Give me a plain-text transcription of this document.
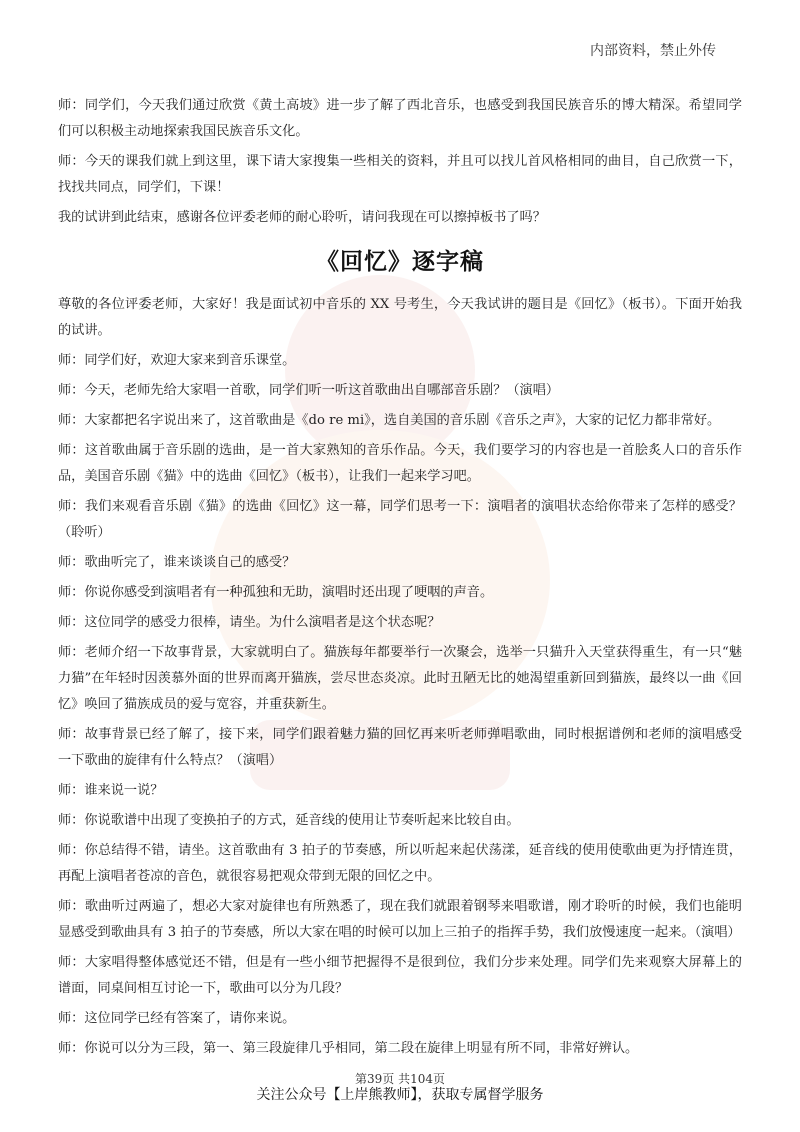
内部资料，禁止外传

师：同学们，今天我们通过欣赏《黄土高坡》进一步了解了西北音乐，也感受到我国民族音乐的博大精深。希望同学们可以积极主动地探索我国民族音乐文化。

师：今天的课我们就上到这里，课下请大家搜集一些相关的资料，并且可以找儿首风格相同的曲目，自己欣赏一下，找找共同点，同学们，下课！

我的试讲到此结束，感谢各位评委老师的耐心聆听，请问我现在可以擦掉板书了吗？

《回忆》逐字稿

尊敬的各位评委老师，大家好！我是面试初中音乐的 XX 号考生，今天我试讲的题目是《回忆》（板书）。下面开始我的试讲。

师：同学们好，欢迎大家来到音乐课堂。

师：今天，老师先给大家唱一首歌，同学们听一听这首歌曲出自哪部音乐剧？（演唱）

师：大家都把名字说出来了，这首歌曲是《do re mi》，选自美国的音乐剧《音乐之声》，大家的记忆力都非常好。

师：这首歌曲属于音乐剧的选曲，是一首大家熟知的音乐作品。今天，我们要学习的内容也是一首脍炙人口的音乐作品，美国音乐剧《猫》中的选曲《回忆》（板书），让我们一起来学习吧。

师：我们来观看音乐剧《猫》的选曲《回忆》这一幕，同学们思考一下：演唱者的演唱状态给你带来了怎样的感受？（聆听）

师：歌曲听完了，谁来谈谈自己的感受？

师：你说你感受到演唱者有一种孤独和无助，演唱时还出现了哽咽的声音。

师：这位同学的感受力很棒，请坐。为什么演唱者是这个状态呢？

师：老师介绍一下故事背景，大家就明白了。猫族每年都要举行一次聚会，选举一只猫升入天堂获得重生，有一只“魅力猫”在年轻时因羡慕外面的世界而离开猫族，尝尽世态炎凉。此时丑陋无比的她渴望重新回到猫族，最终以一曲《回忆》唤回了猫族成员的爱与宽容，并重获新生。

师：故事背景已经了解了，接下来，同学们跟着魅力猫的回忆再来听老师弹唱歌曲，同时根据谱例和老师的演唱感受一下歌曲的旋律有什么特点？（演唱）

师：谁来说一说？

师：你说歌谱中出现了变换拍子的方式，延音线的使用让节奏听起来比较自由。

师：你总结得不错，请坐。这首歌曲有 3 拍子的节奏感，所以听起来起伏荡漾，延音线的使用使歌曲更为抒情连贯，再配上演唱者苍凉的音色，就很容易把观众带到无限的回忆之中。

师：歌曲听过两遍了，想必大家对旋律也有所熟悉了，现在我们就跟着钢琴来唱歌谱，刚才聆听的时候，我们也能明显感受到歌曲具有 3 拍子的节奏感，所以大家在唱的时候可以加上三拍子的指挥手势，我们放慢速度一起来。（演唱）

师：大家唱得整体感觉还不错，但是有一些小细节把握得不是很到位，我们分步来处理。同学们先来观察大屏幕上的谱面，同桌间相互讨论一下，歌曲可以分为几段？

师：这位同学已经有答案了，请你来说。

师：你说可以分为三段，第一、第三段旋律几乎相同，第二段在旋律上明显有所不同，非常好辨认。

第39页 共104页
关注公众号【上岸熊教师】，获取专属督学服务
